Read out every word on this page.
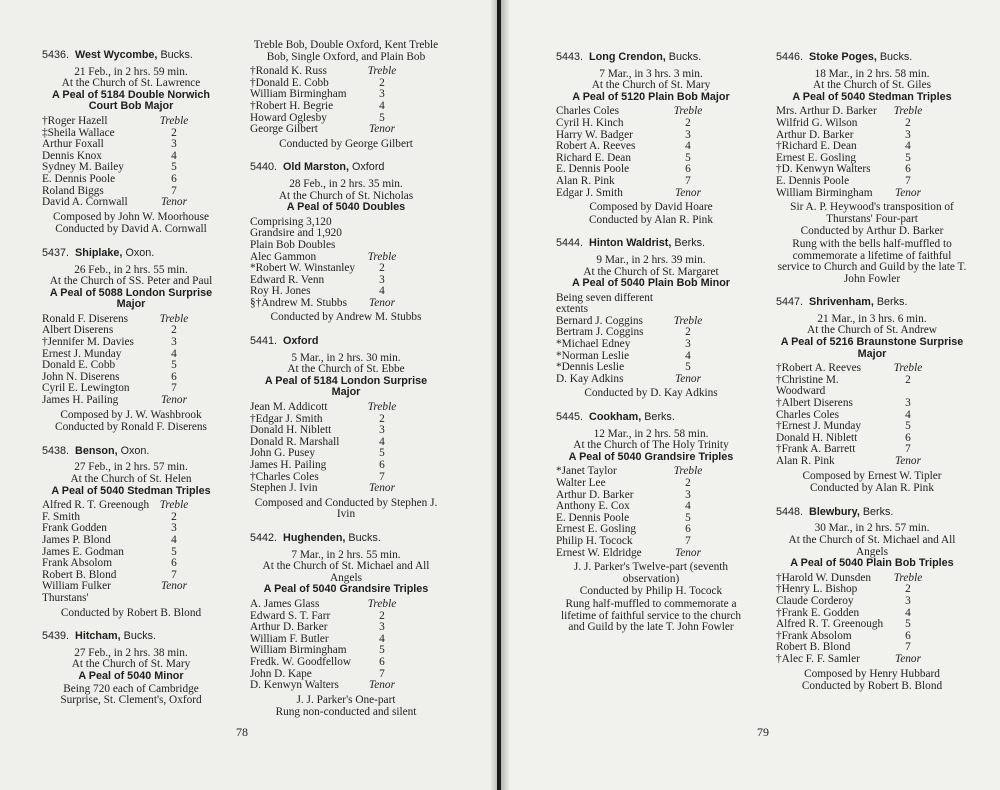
5436. West Wycombe, Bucks.

21 Feb., in 2 hrs. 59 min.

At the Church of St. Lawrence

A Peal of 5184 Double Norwich Court Bob Major

†Roger Hazell	Treble
‡Sheila Wallace	2
Arthur Foxall	3
Dennis Knox	4
Sydney M. Bailey	5
E. Dennis Poole	6
Roland Biggs	7
David A. Cornwall	Tenor

Composed by John W. Moorhouse

Conducted by David A. Cornwall

5437. Shiplake, Oxon.

26 Feb., in 2 hrs. 55 min.

At the Church of SS. Peter and Paul

A Peal of 5088 London Surprise Major

Ronald F. Diserens	Treble
Albert Diserens	2
†Jennifer M. Davies	3
Ernest J. Munday	4
Donald E. Cobb	5
John N. Diserens	6
Cyril E. Lewington	7
James H. Pailing	Tenor

Composed by J. W. Washbrook

Conducted by Ronald F. Diserens

5438. Benson, Oxon.

27 Feb., in 2 hrs. 57 min.

At the Church of St. Helen

A Peal of 5040 Stedman Triples

Alfred R. T. Greenough Treble
F. Smith	2
Frank Godden	3
James P. Blond	4
James E. Godman	5
Frank Absolom	6
Robert B. Blond	7
William Fulker Thurstans'
Tenor

Conducted by Robert B. Blond

5439. Hitcham, Bucks.

27 Feb., in 2 hrs. 38 min.

At the Church of St. Mary

A Peal of 5040 Minor

Being 720 each of Cambridge Surprise, St. Clement's, Oxford

Treble Bob, Double Oxford, Kent Treble Bob, Single Oxford, and Plain Bob

†Ronald K. Russ	Treble
†Donald E. Cobb	2
William Birmingham	3
†Robert H. Begrie	4
Howard Oglesby	5
George Gilbert	Tenor

Conducted by George Gilbert

5440. Old Marston, Oxford

28 Feb., in 2 hrs. 35 min.

At the Church of St. Nicholas

A Peal of 5040 Doubles

Comprising 3,120 Grandsire and 1,920 Plain Bob Doubles
Alec Gammon	Treble
*Robert W. Winstanley	2
Edward R. Venn	3
Roy H. Jones	4
§†Andrew M. Stubbs	Tenor

Conducted by Andrew M. Stubbs

5441. Oxford

5 Mar., in 2 hrs. 30 min.

At the Church of St. Ebbe

A Peal of 5184 London Surprise Major

Jean M. Addicott	Treble
†Edgar J. Smith	2
Donald H. Niblett	3
Donald R. Marshall	4
John G. Pusey	5
James H. Pailing	6
†Charles Coles	7
Stephen J. Ivin	Tenor

Composed and Conducted by Stephen J. Ivin

5442. Hughenden, Bucks.

7 Mar., in 2 hrs. 55 min.

At the Church of St. Michael and All Angels

A Peal of 5040 Grandsire Triples

A. James Glass	Treble
Edward S. T. Farr	2
Arthur D. Barker	3
William F. Butler	4
William Birmingham	5
Fredk. W. Goodfellow	6
John D. Kape	7
D. Kenwyn Walters	Tenor

J. J. Parker's One-part

Rung non-conducted and silent

78
5443. Long Crendon, Bucks.

7 Mar., in 3 hrs. 3 min.

At the Church of St. Mary

A Peal of 5120 Plain Bob Major

Charles Coles	Treble
Cyril H. Kinch	2
Harry W. Badger	3
Robert A. Reeves	4
Richard E. Dean	5
E. Dennis Poole	6
Alan R. Pink	7
Edgar J. Smith	Tenor

Composed by David Hoare

Conducted by Alan R. Pink

5444. Hinton Waldrist, Berks.

9 Mar., in 2 hrs. 39 min.

At the Church of St. Margaret

A Peal of 5040 Plain Bob Minor

Being seven different extents
Bernard J. Coggins	Treble
Bertram J. Coggins	2
*Michael Edney	3
*Norman Leslie	4
*Dennis Leslie	5
D. Kay Adkins	Tenor

Conducted by D. Kay Adkins

5445. Cookham, Berks.

12 Mar., in 2 hrs. 58 min.

At the Church of The Holy Trinity

A Peal of 5040 Grandsire Triples

*Janet Taylor	Treble
Walter Lee	2
Arthur D. Barker	3
Anthony E. Cox	4
E. Dennis Poole	5
Ernest E. Gosling	6
Philip H. Tocock	7
Ernest W. Eldridge	Tenor

J. J. Parker's Twelve-part (seventh observation)

Conducted by Philip H. Tocock

Rung half-muffled to commemorate a lifetime of faithful service to the church and Guild by the late T. John Fowler

5446. Stoke Poges, Bucks.

18 Mar., in 2 hrs. 58 min.

At the Church of St. Giles

A Peal of 5040 Stedman Triples

Mrs. Arthur D. Barker	Treble
Wilfrid G. Wilson	2
Arthur D. Barker	3
†Richard E. Dean	4
Ernest E. Gosling	5
†D. Kenwyn Walters	6
E. Dennis Poole	7
William Birmingham	Tenor

Sir A. P. Heywood's transposition of Thurstans' Four-part

Conducted by Arthur D. Barker

Rung with the bells half-muffled to commemorate a lifetime of faithful service to Church and Guild by the late T. John Fowler

5447. Shrivenham, Berks.

21 Mar., in 3 hrs. 6 min.

At the Church of St. Andrew

A Peal of 5216 Braunstone Surprise Major

†Robert A. Reeves	Treble
†Christine M. Woodward
2
†Albert Diserens	3
Charles Coles	4
†Ernest J. Munday	5
Donald H. Niblett	6
†Frank A. Barrett	7
Alan R. Pink	Tenor

Composed by Ernest W. Tipler

Conducted by Alan R. Pink

5448. Blewbury, Berks.

30 Mar., in 2 hrs. 57 min.

At the Church of St. Michael and All Angels

A Peal of 5040 Plain Bob Triples

†Harold W. Dunsden	Treble
†Henry L. Bishop	2
Claude Corderoy	3
†Frank E. Godden	4
Alfred R. T. Greenough	5
†Frank Absolom	6
Robert B. Blond	7
†Alec F. F. Samler	Tenor

Composed by Henry Hubbard

Conducted by Robert B. Blond

79
